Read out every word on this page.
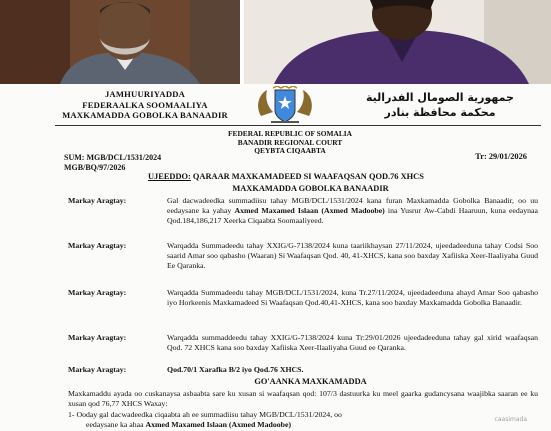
JAMHUURIYADDA
FEDERAALKA SOOMAALIYA
MAXKAMADDA GOBOLKA BANAADIR
جمهورية الصومال الفدرالية
محكمة محافظة بنادر
FEDERAL REPUBLIC OF SOMALIA
BANADIR REGIONAL COURT
QEYBTA CIQAABTA
SUM: MGB/DCL/1531/2024
MGB/BQ/97/2026
Tr: 29/01/2026
UJEEDDO: QARAAR MAXKAMADEED SI WAAFAQSAN QOD.76 XHCS
MAXKAMADDA GOBOLKA BANAADIR
Markay Aragtay:	Gal dacwadeedka summadiisu tahay MGB/DCL/1531/2024 kana furan Maxkamadda Gobolka Banaadir, oo uu eedaysane ka yahay Axmed Maxamed Islaan (Axmed Madoobe) ina Yusrur Aw-Cabdi Haaruun, kuna eedaynaa Qod.184,186,217 Xeerka Ciqaabta Soomaaliyeed.
Markay Aragtay:	Warqadda Summadeedu tahay XXIG/G-7138/2024 kuna taariikhaysan 27/11/2024, ujeedadeeduna tahay Codsi Soo saarid Amar soo qabasho (Waaran) Si Waafaqsan Qod. 40, 41-XHCS, kana soo baxday Xafiiska Xeer-Ilaaliyaha Guud Ee Qaranka.
Markay Aragtay:	Warqadda Summadeedu tahay MGB/DCL/1531/2024, kuna Tr.27/11/2024, ujeedadeeduna ahayd Amar Soo qabasho iyo Horkeenis Maxkamadeed Si Waafaqsan Qod.40,41-XHCS, kana soo baxday Maxkamadda Gobolka Banaadir.
Markay Aragtay:	Warqadda summaddeedu tahay XXIG/G-7138/2024 kuna Tr:29/01/2026 ujeedadeeduna tahay gal xirid waafaqsan Qod. 72 XHCS kana soo baxday Xafiiska Xeer-Ilaaliyaha Guud ee Qaranka.
Markay Aragtay:	Qod.70/1 Xarafka B/2 iyo Qod.76 XHCS.
GO'AANKA MAXKAMADDA
Maxkamaddu ayada oo cuskanaysa asbaabta sare ku xusan si waafaqsan qod: 107/3 dastuurka ku meel gaarka gudancysana waajibka saaran ee ku xusan qod 76,77 XHCS Waxay:
1- Ooday gal dacwadeedka ciqaabta ah ee summadiisu tahay MGB/DCL/1531/2024, oo
eedaysane ka ahaa Axmed Maxamed Islaan (Axmed Madoobe)
caasimada
